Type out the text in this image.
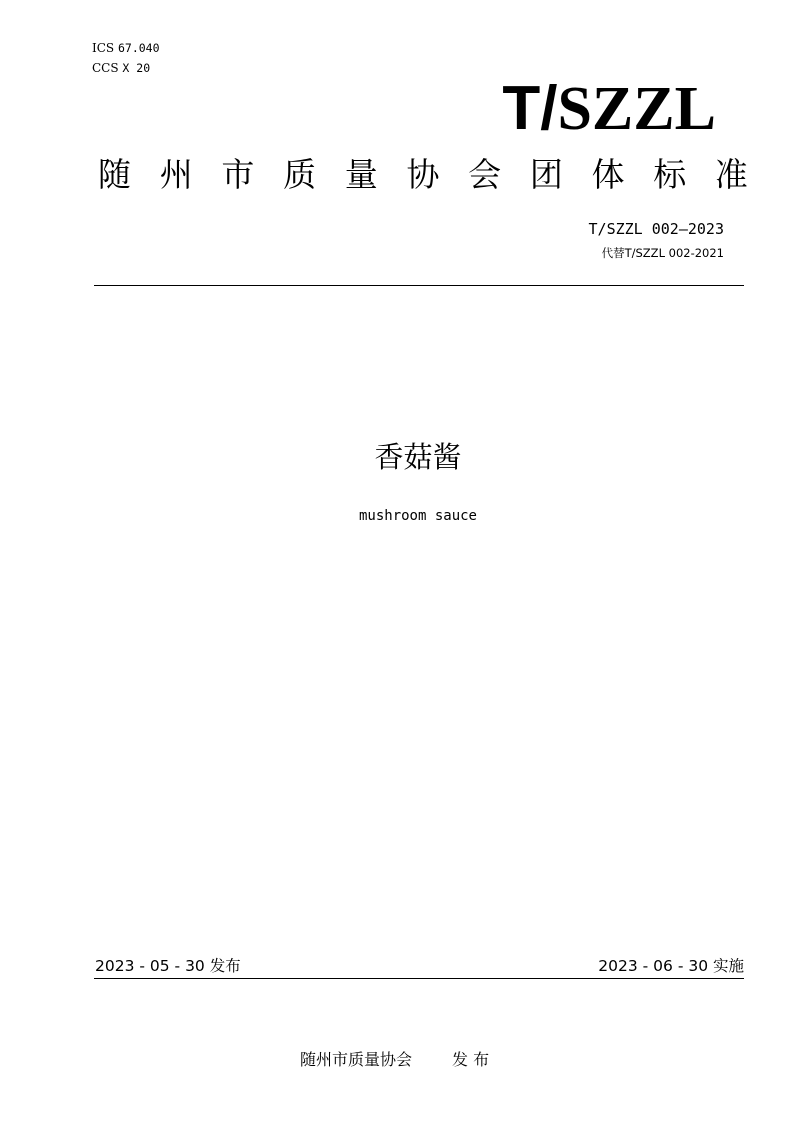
ICS 67.040
CCS X 20
T/SZZL
随 州 市 质 量 协 会 团 体 标 准
T/SZZL 002—2023
代替T/SZZL 002-2021
香菇酱
mushroom sauce
2023 - 05 - 30 发布	2023 - 06 - 30 实施
随州市质量协会	发 布
